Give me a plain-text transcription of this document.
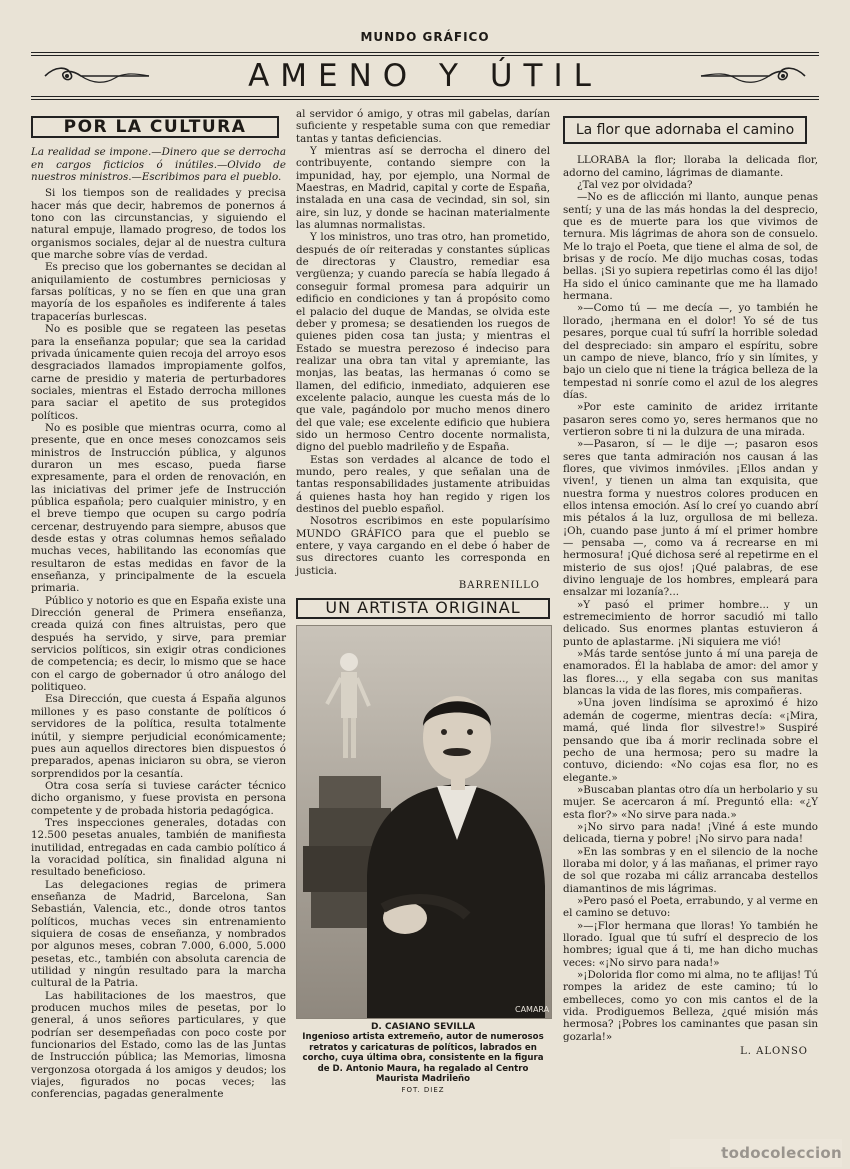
MUNDO GRÁFICO
AMENO Y ÚTIL
POR LA CULTURA

La realidad se impone.—Dinero que se derrocha en cargos ficticios ó inútiles.—Olvido de nuestros ministros.—Escribimos para el pueblo.

Si los tiempos son de realidades y precisa hacer más que decir, habremos de ponernos á tono con las circunstancias, y siguiendo el natural empuje, llamado progreso, de todos los organismos sociales, dejar al de nuestra cultura que marche sobre vías de verdad.

Es preciso que los gobernantes se decidan al aniquilamiento de costumbres perniciosas y farsas políticas, y no se fíen en que una gran mayoría de los españoles es indiferente á tales trapacerías burlescas.

No es posible que se regateen las pesetas para la enseñanza popular; que sea la caridad privada únicamente quien recoja del arroyo esos desgraciados llamados impropiamente golfos, carne de presidio y materia de perturbadores sociales, mientras el Estado derrocha millones para saciar el apetito de sus protegidos políticos.

No es posible que mientras ocurra, como al presente, que en once meses conozcamos seis ministros de Instrucción pública, y algunos duraron un mes escaso, pueda fiarse expresamente, para el orden de renovación, en las iniciativas del primer jefe de Instrucción pública española; pero cualquier ministro, y en el breve tiempo que ocupen su cargo podría cercenar, destruyendo para siempre, abusos que desde estas y otras columnas hemos señalado muchas veces, habilitando las economías que resultaron de estas medidas en favor de la enseñanza, y principalmente de la escuela primaria.

Público y notorio es que en España existe una Dirección general de Primera enseñanza, creada quizá con fines altruistas, pero que después ha servido, y sirve, para premiar servicios políticos, sin exigir otras condiciones de competencia; es decir, lo mismo que se hace con el cargo de gobernador ú otro análogo del politiqueo.

Esa Dirección, que cuesta á España algunos millones y es paso constante de políticos ó servidores de la política, resulta totalmente inútil, y siempre perjudicial económicamente; pues aun aquellos directores bien dispuestos ó preparados, apenas iniciaron su obra, se vieron sorprendidos por la cesantía.

Otra cosa sería si tuviese carácter técnico dicho organismo, y fuese provista en persona competente y de probada historia pedagógica.

Tres inspecciones generales, dotadas con 12.500 pesetas anuales, también de manifiesta inutilidad, entregadas en cada cambio político á la voracidad política, sin finalidad alguna ni resultado beneficioso.

Las delegaciones regias de primera enseñanza de Madrid, Barcelona, San Sebastián, Valencia, etc., donde otros tantos políticos, muchas veces sin entrenamiento siquiera de cosas de enseñanza, y nombrados por algunos meses, cobran 7.000, 6.000, 5.000 pesetas, etc., también con absoluta carencia de utilidad y ningún resultado para la marcha cultural de la Patria.

Las habilitaciones de los maestros, que producen muchos miles de pesetas, por lo general, á unos señores particulares, y que podrían ser desempeñadas con poco coste por funcionarios del Estado, como las de las Juntas de Instrucción pública; las Memorias, limosna vergonzosa otorgada á los amigos y deudos; los viajes, figurados no pocas veces; las conferencias, pagadas generalmente

al servidor ó amigo, y otras mil gabelas, darían suficiente y respetable suma con que remediar tantas y tantas deficiencias.

Y mientras así se derrocha el dinero del contribuyente, contando siempre con la impunidad, hay, por ejemplo, una Normal de Maestras, en Madrid, capital y corte de España, instalada en una casa de vecindad, sin sol, sin aire, sin luz, y donde se hacinan materialmente las alumnas normalistas.

Y los ministros, uno tras otro, han prometido, después de oír reiteradas y constantes súplicas de directoras y Claustro, remediar esa vergüenza; y cuando parecía se había llegado á conseguir formal promesa para adquirir un edificio en condiciones y tan á propósito como el palacio del duque de Mandas, se olvida este deber y promesa; se desatienden los ruegos de quienes piden cosa tan justa; y mientras el Estado se muestra perezoso é indeciso para realizar una obra tan vital y apremiante, las monjas, las beatas, las hermanas ó como se llamen, del edificio, inmediato, adquieren ese excelente palacio, aunque les cuesta más de lo que vale, pagándolo por mucho menos dinero del que vale; ese excelente edificio que hubiera sido un hermoso Centro docente normalista, digno del pueblo madrileño y de España.

Estas son verdades al alcance de todo el mundo, pero reales, y que señalan una de tantas responsabilidades justamente atribuidas á quienes hasta hoy han regido y rigen los destinos del pueblo español.

Nosotros escribimos en este popularísimo MUNDO GRÁFICO para que el pueblo se entere, y vaya cargando en el debe ó haber de sus directores cuanto les corresponda en justicia.

BARRENILLO
UN ARTISTA ORIGINAL
CAMARA
D. CASIANO SEVILLA
Ingenioso artista extremeño, autor de numerosos retratos y caricaturas de políticos, labrados en corcho, cuya última obra, consistente en la figura de D. Antonio Maura, ha regalado al Centro Maurista Madrileño
FOT. DIEZ
La flor que adornaba el camino

LLORABA la flor; lloraba la delicada flor, adorno del camino, lágrimas de diamante.

¿Tal vez por olvidada?

—No es de aflicción mi llanto, aunque penas sentí; y una de las más hondas la del desprecio, que es de muerte para los que vivimos de ternura. Mis lágrimas de ahora son de consuelo. Me lo trajo el Poeta, que tiene el alma de sol, de brisas y de rocío. Me dijo muchas cosas, todas bellas. ¡Si yo supiera repetirlas como él las dijo! Ha sido el único caminante que me ha llamado hermana.

»—Como tú — me decía —, yo también he llorado, ¡hermana en el dolor! Yo sé de tus pesares, porque cual tú sufrí la horrible soledad del despreciado: sin amparo el espíritu, sobre un campo de nieve, blanco, frío y sin límites, y bajo un cielo que ni tiene la trágica belleza de la tempestad ni sonríe como el azul de los alegres días.

»Por este caminito de aridez irritante pasaron seres como yo, seres hermanos que no vertieron sobre ti ni la dulzura de una mirada.

»—Pasaron, sí — le dije —; pasaron esos seres que tanta admiración nos causan á las flores, que vivimos inmóviles. ¡Ellos andan y viven!, y tienen un alma tan exquisita, que nuestra forma y nuestros colores producen en ellos intensa emoción. Así lo creí yo cuando abrí mis pétalos á la luz, orgullosa de mi belleza. ¡Oh, cuando pase junto á mí el primer hombre — pensaba —, como va á recrearse en mi hermosura! ¡Qué dichosa seré al repetirme en el misterio de sus ojos! ¡Qué palabras, de ese divino lenguaje de los hombres, empleará para ensalzar mi lozanía?...

»Y pasó el primer hombre... y un estremecimiento de horror sacudió mi tallo delicado. Sus enormes plantas estuvieron á punto de aplastarme. ¡Ni siquiera me vió!

»Más tarde sentóse junto á mí una pareja de enamorados. Él la hablaba de amor: del amor y las flores..., y ella segaba con sus manitas blancas la vida de las flores, mis compañeras.

»Una joven lindísima se aproximó é hizo ademán de cogerme, mientras decía: «¡Mira, mamá, qué linda flor silvestre!» Suspiré pensando que iba á morir reclinada sobre el pecho de una hermosa; pero su madre la contuvo, diciendo: «No cojas esa flor, no es elegante.»

»Buscaban plantas otro día un herbolario y su mujer. Se acercaron á mí. Preguntó ella: «¿Y esta flor?» «No sirve para nada.»

»¡No sirvo para nada! ¡Viné á este mundo delicada, tierna y pobre! ¡No sirvo para nada!

»En las sombras y en el silencio de la noche lloraba mi dolor, y á las mañanas, el primer rayo de sol que rozaba mi cáliz arrancaba destellos diamantinos de mis lágrimas.

»Pero pasó el Poeta, errabundo, y al verme en el camino se detuvo:

»—¡Flor hermana que lloras! Yo también he llorado. Igual que tú sufrí el desprecio de los hombres; igual que á ti, me han dicho muchas veces: «¡No sirvo para nada!»

»¡Dolorida flor como mi alma, no te aflijas! Tú rompes la aridez de este camino; tú lo embelleces, como yo con mis cantos el de la vida. Prodiguemos Belleza, ¿qué misión más hermosa? ¡Pobres los caminantes que pasan sin gozarla!»

L. ALONSO
todocoleccion
